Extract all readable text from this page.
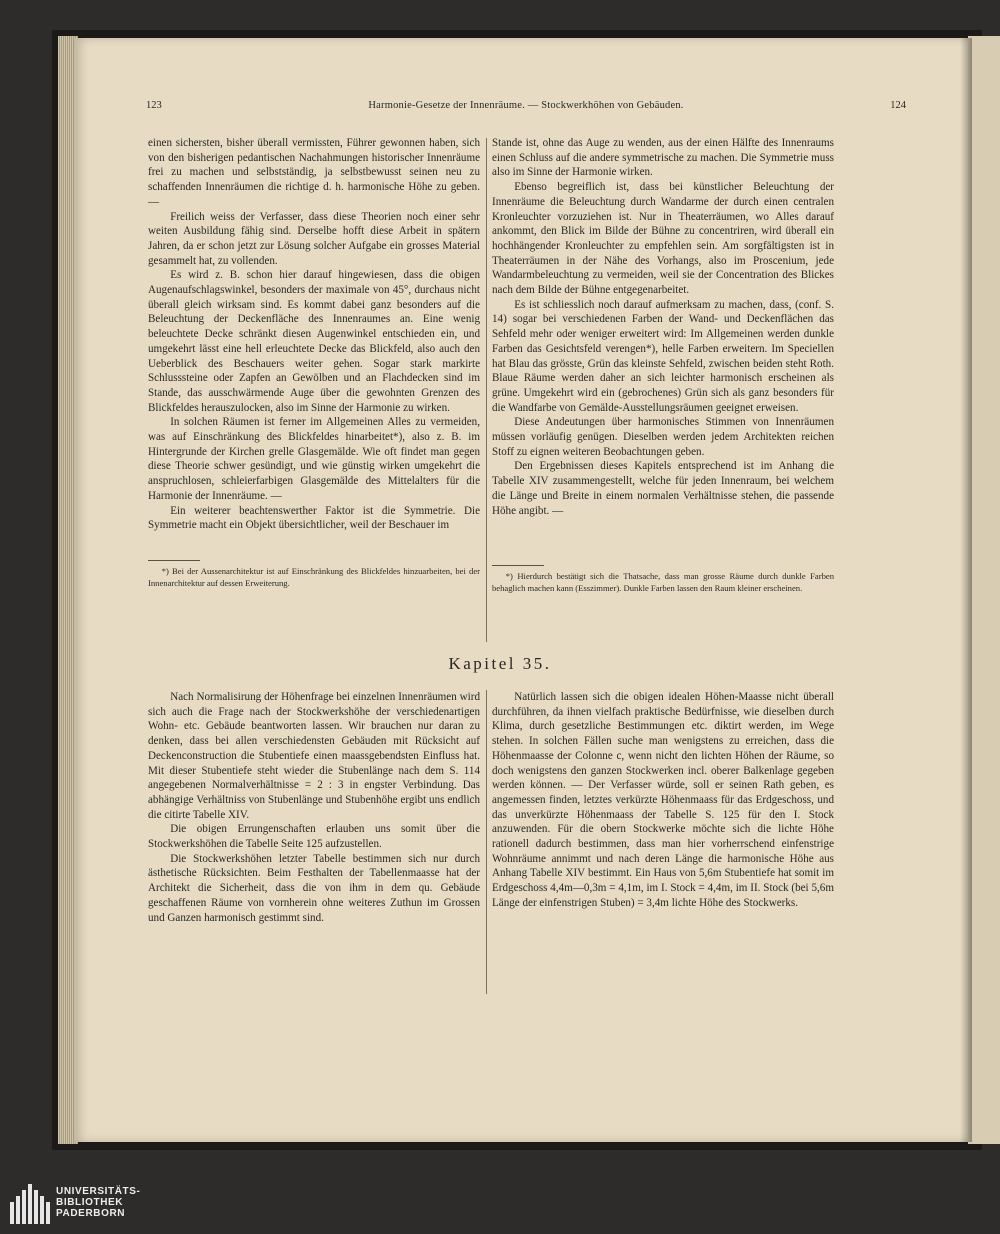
Harmonie-Gesetze der Innenräume. — Stockwerkhöhen von Gebäuden.
123	124

einen sichersten, bisher überall vermissten, Führer gewonnen haben, sich von den bisherigen pedantischen Nachahmungen historischer Innenräume frei zu machen und selbstständig, ja selbstbewusst seinen neu zu schaffenden Innenräumen die richtige d. h. harmonische Höhe zu geben. —

Freilich weiss der Verfasser, dass diese Theorien noch einer sehr weiten Ausbildung fähig sind. Derselbe hofft diese Arbeit in spätern Jahren, da er schon jetzt zur Lösung solcher Aufgabe ein grosses Material gesammelt hat, zu vollenden.

Es wird z. B. schon hier darauf hingewiesen, dass die obigen Augenaufschlagswinkel, besonders der maximale von 45°, durchaus nicht überall gleich wirksam sind. Es kommt dabei ganz besonders auf die Beleuchtung der Deckenfläche des Innenraumes an. Eine wenig beleuchtete Decke schränkt diesen Augenwinkel entschieden ein, und umgekehrt lässt eine hell erleuchtete Decke das Blickfeld, also auch den Ueberblick des Beschauers weiter gehen. Sogar stark markirte Schlusssteine oder Zapfen an Gewölben und an Flachdecken sind im Stande, das ausschwärmende Auge über die gewohnten Grenzen des Blickfeldes herauszulocken, also im Sinne der Harmonie zu wirken.

In solchen Räumen ist ferner im Allgemeinen Alles zu vermeiden, was auf Einschränkung des Blickfeldes hinarbeitet*), also z. B. im Hintergrunde der Kirchen grelle Glasgemälde. Wie oft findet man gegen diese Theorie schwer gesündigt, und wie günstig wirken umgekehrt die anspruchlosen, schleierfarbigen Glasgemälde des Mittelalters für die Harmonie der Innenräume. —

Ein weiterer beachtenswerther Faktor ist die Symmetrie. Die Symmetrie macht ein Objekt übersichtlicher, weil der Beschauer im

Stande ist, ohne das Auge zu wenden, aus der einen Hälfte des Innenraums einen Schluss auf die andere symmetrische zu machen. Die Symmetrie muss also im Sinne der Harmonie wirken.

Ebenso begreiflich ist, dass bei künstlicher Beleuchtung der Innenräume die Beleuchtung durch Wandarme der durch einen centralen Kronleuchter vorzuziehen ist. Nur in Theaterräumen, wo Alles darauf ankommt, den Blick im Bilde der Bühne zu concentriren, wird überall ein hochhängender Kronleuchter zu empfehlen sein. Am sorgfältigsten ist in Theaterräumen in der Nähe des Vorhangs, also im Proscenium, jede Wandarmbeleuchtung zu vermeiden, weil sie der Concentration des Blickes nach dem Bilde der Bühne entgegenarbeitet.

Es ist schliesslich noch darauf aufmerksam zu machen, dass, (conf. S. 14) sogar bei verschiedenen Farben der Wand- und Deckenflächen das Sehfeld mehr oder weniger erweitert wird: Im Allgemeinen werden dunkle Farben das Gesichtsfeld verengen*), helle Farben erweitern. Im Speciellen hat Blau das grösste, Grün das kleinste Sehfeld, zwischen beiden steht Roth. Blaue Räume werden daher an sich leichter harmonisch erscheinen als grüne. Umgekehrt wird ein (gebrochenes) Grün sich als ganz besonders für die Wandfarbe von Gemälde-Ausstellungsräumen geeignet erweisen.

Diese Andeutungen über harmonisches Stimmen von Innenräumen müssen vorläufig genügen. Dieselben werden jedem Architekten reichen Stoff zu eignen weiteren Beobachtungen geben.

Den Ergebnissen dieses Kapitels entsprechend ist im Anhang die Tabelle XIV zusammengestellt, welche für jeden Innenraum, bei welchem die Länge und Breite in einem normalen Verhältnisse stehen, die passende Höhe angibt. —

*) Bei der Aussenarchitektur ist auf Einschränkung des Blickfeldes hinzuarbeiten, bei der Innenarchitektur auf dessen Erweiterung.

*) Hierdurch bestätigt sich die Thatsache, dass man grosse Räume durch dunkle Farben behaglich machen kann (Esszimmer). Dunkle Farben lassen den Raum kleiner erscheinen.

Kapitel 35.

Nach Normalisirung der Höhenfrage bei einzelnen Innenräumen wird sich auch die Frage nach der Stockwerkshöhe der verschiedenartigen Wohn- etc. Gebäude beantworten lassen. Wir brauchen nur daran zu denken, dass bei allen verschiedensten Gebäuden mit Rücksicht auf Deckenconstruction die Stubentiefe einen maassgebendsten Einfluss hat. Mit dieser Stubentiefe steht wieder die Stubenlänge nach dem S. 114 angegebenen Normalverhältnisse = 2 : 3 in engster Verbindung. Das abhängige Verhältniss von Stubenlänge und Stubenhöhe ergibt uns endlich die citirte Tabelle XIV.

Die obigen Errungenschaften erlauben uns somit über die Stockwerkshöhen die Tabelle Seite 125 aufzustellen.

Die Stockwerkshöhen letzter Tabelle bestimmen sich nur durch ästhetische Rücksichten. Beim Festhalten der Tabellenmaasse hat der Architekt die Sicherheit, dass die von ihm in dem qu. Gebäude geschaffenen Räume von vornherein ohne weiteres Zuthun im Grossen und Ganzen harmonisch gestimmt sind.

Natürlich lassen sich die obigen idealen Höhen-Maasse nicht überall durchführen, da ihnen vielfach praktische Bedürfnisse, wie dieselben durch Klima, durch gesetzliche Bestimmungen etc. diktirt werden, im Wege stehen. In solchen Fällen suche man wenigstens zu erreichen, dass die Höhenmaasse der Colonne c, wenn nicht den lichten Höhen der Räume, so doch wenigstens den ganzen Stockwerken incl. oberer Balkenlage gegeben werden können. — Der Verfasser würde, soll er seinen Rath geben, es angemessen finden, letztes verkürzte Höhenmaass für das Erdgeschoss, und das unverkürzte Höhenmaass der Tabelle S. 125 für den I. Stock anzuwenden. Für die obern Stockwerke möchte sich die lichte Höhe rationell dadurch bestimmen, dass man hier vorherrschend einfenstrige Wohnräume annimmt und nach deren Länge die harmonische Höhe aus Anhang Tabelle XIV bestimmt. Ein Haus von 5,6m Stubentiefe hat somit im Erdgeschoss 4,4m—0,3m = 4,1m, im I. Stock = 4,4m, im II. Stock (bei 5,6m Länge der einfenstrigen Stuben) = 3,4m lichte Höhe des Stockwerks.

UNIVERSITÄTS-
BIBLIOTHEK
PADERBORN
